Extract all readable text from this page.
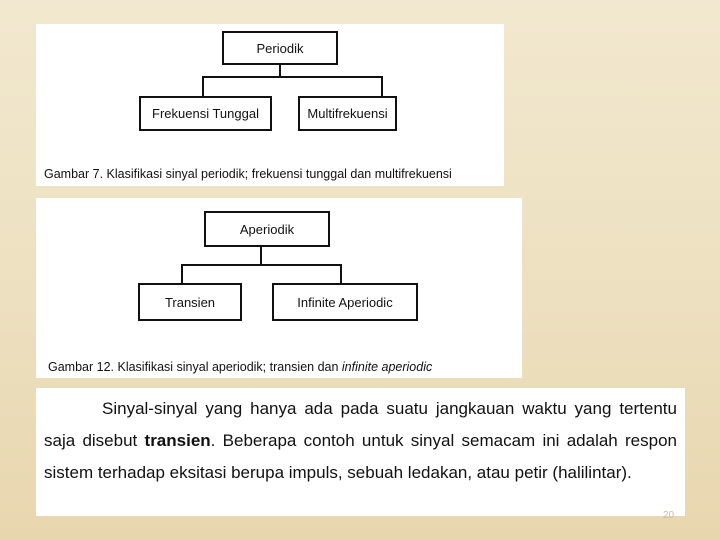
Periodik
Frekuensi Tunggal	Multifrekuensi
Gambar 7. Klasifikasi sinyal periodik; frekuensi tunggal dan multifrekuensi
Aperiodik
Transien	Infinite Aperiodic
Gambar 12. Klasifikasi sinyal aperiodik; transien dan infinite aperiodic

Sinyal-sinyal yang hanya ada pada suatu jangkauan waktu yang tertentu saja disebut transien. Beberapa contoh untuk sinyal semacam ini adalah respon sistem terhadap eksitasi berupa impuls, sebuah ledakan, atau petir (halilintar).

20
